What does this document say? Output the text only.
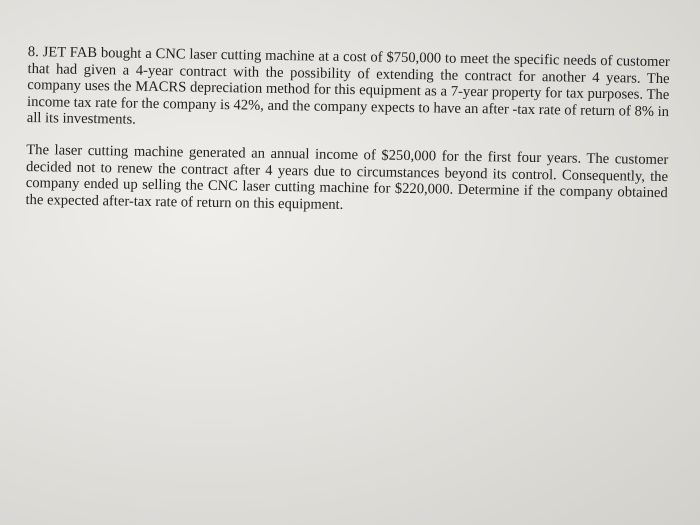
8. JET FAB bought a CNC laser cutting machine at a cost of $750,000 to meet the specific needs of customer that had given a 4-year contract with the possibility of extending the contract for another 4 years. The company uses the MACRS depreciation method for this equipment as a 7-year property for tax purposes. The income tax rate for the company is 42%, and the company expects to have an after -tax rate of return of 8% in all its investments.

The laser cutting machine generated an annual income of $250,000 for the first four years. The customer decided not to renew the contract after 4 years due to circumstances beyond its control. Consequently, the company ended up selling the CNC laser cutting machine for $220,000. Determine if the company obtained the expected after-tax rate of return on this equipment.
